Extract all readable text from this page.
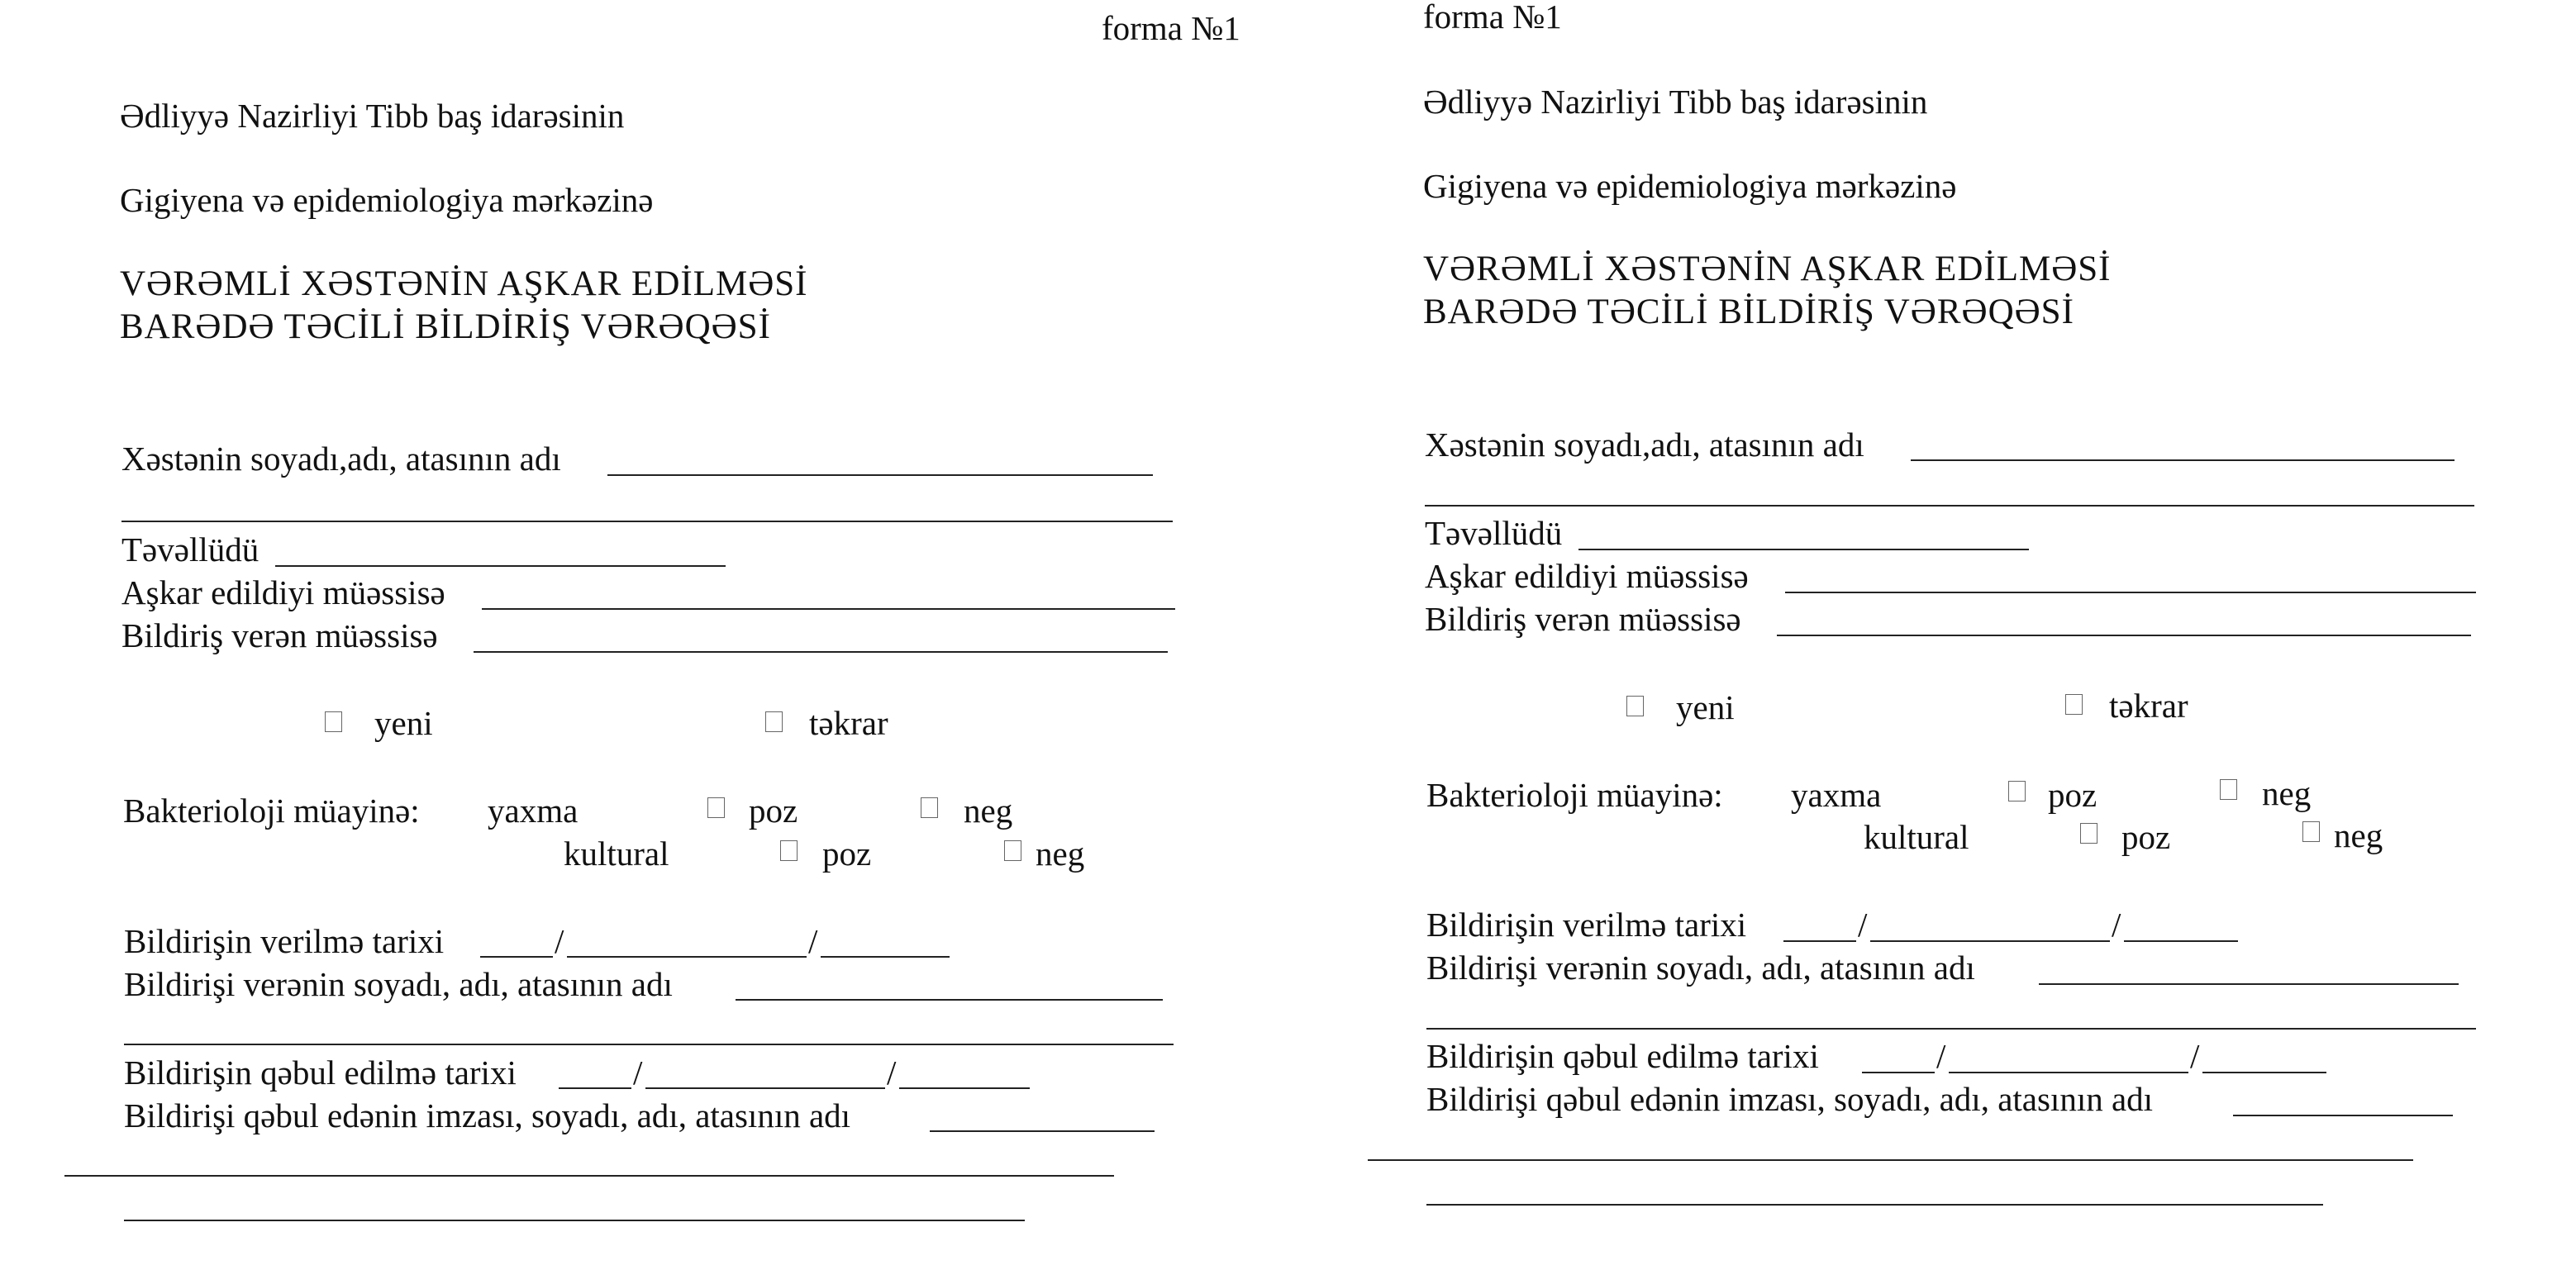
forma №1
Ədliyyə Nazirliyi Tibb baş idarəsinin
Gigiyena və epidemiologiya mərkəzinə
VƏRƏMLİ XƏSTƏNİN AŞKAR EDİLMƏSİ
BARƏDƏ TƏCİLİ BİLDİRİŞ VƏRƏQƏSİ
Xəstənin soyadı,adı, atasının adı
Təvəllüdü
Aşkar edildiyi müəssisə
Bildiriş verən müəssisə
yeni	təkrar
Bakterioloji müayinə: yaxma	poz	neg
kultural	poz	neg
Bildirişin verilmə tarixi	/	/
Bildirişi verənin soyadı, adı, atasının adı
Bildirişin qəbul edilmə tarixi	/	/
Bildirişi qəbul edənin imzası, soyadı, adı, atasının adı
forma №1
Ədliyyə Nazirliyi Tibb baş idarəsinin
Gigiyena və epidemiologiya mərkəzinə
VƏRƏMLİ XƏSTƏNİN AŞKAR EDİLMƏSİ
BARƏDƏ TƏCİLİ BİLDİRİŞ VƏRƏQƏSİ
Xəstənin soyadı,adı, atasının adı
Təvəllüdü
Aşkar edildiyi müəssisə
Bildiriş verən müəssisə
yeni	təkrar
Bakterioloji müayinə: yaxma	poz	neg
kultural	poz	neg
Bildirişin verilmə tarixi	/	/
Bildirişi verənin soyadı, adı, atasının adı
Bildirişin qəbul edilmə tarixi	/	/
Bildirişi qəbul edənin imzası, soyadı, adı, atasının adı
